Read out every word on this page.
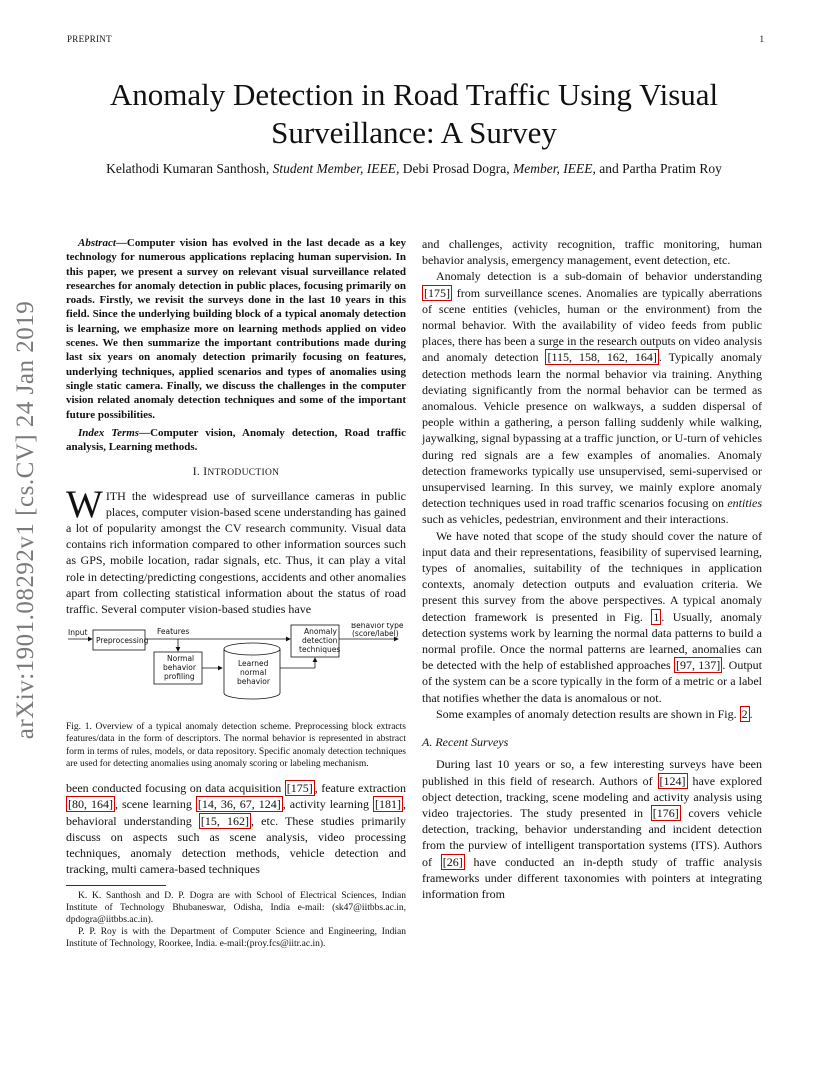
PREPRINT	1
arXiv:1901.08292v1 [cs.CV] 24 Jan 2019
Anomaly Detection in Road Traffic Using Visual
Surveillance: A Survey
Kelathodi Kumaran Santhosh, Student Member, IEEE, Debi Prosad Dogra, Member, IEEE, and Partha Pratim Roy

Abstract—Computer vision has evolved in the last decade as a key technology for numerous applications replacing human supervision. In this paper, we present a survey on relevant visual surveillance related researches for anomaly detection in public places, focusing primarily on roads. Firstly, we revisit the surveys done in the last 10 years in this field. Since the underlying building block of a typical anomaly detection is learning, we emphasize more on learning methods applied on video scenes. We then summarize the important contributions made during last six years on anomaly detection primarily focusing on features, underlying techniques, applied scenarios and types of anomalies using single static camera. Finally, we discuss the challenges in the computer vision related anomaly detection techniques and some of the important future possibilities.

Index Terms—Computer vision, Anomaly detection, Road traffic analysis, Learning methods.

I. INTRODUCTION

WITH the widespread use of surveillance cameras in public places, computer vision-based scene understanding has gained a lot of popularity amongst the CV research community. Visual data contains rich information compared to other information sources such as GPS, mobile location, radar signals, etc. Thus, it can play a vital role in detecting/predicting congestions, accidents and other anomalies apart from collecting statistical information about the status of road traffic. Several computer vision-based studies have

Input
Preprocessing
Features	Anomaly
detection
techniques
Behavior type
(score/label)
Normal
behavior
profiling
Learned
normal
behavior

Fig. 1. Overview of a typical anomaly detection scheme. Preprocessing block extracts features/data in the form of descriptors. The normal behavior is represented in abstract form in terms of rules, models, or data repository. Specific anomaly detection techniques are used for detecting anomalies using anomaly scoring or labeling mechanism.

been conducted focusing on data acquisition [175] , feature extraction [80, 164] , scene learning [14, 36, 67, 124] , activity learning [181] , behavioral understanding [15, 162] , etc. These studies primarily discuss on aspects such as scene analysis, video processing techniques, anomaly detection methods, vehicle detection and tracking, multi camera-based techniques

K. K. Santhosh and D. P. Dogra are with School of Electrical Sciences, Indian Institute of Technology Bhubaneswar, Odisha, India e-mail: (sk47@iitbbs.ac.in, dpdogra@iitbbs.ac.in).

P. P. Roy is with the Department of Computer Science and Engineering, Indian Institute of Technology, Roorkee, India. e-mail:(proy.fcs@iitr.ac.in).

and challenges, activity recognition, traffic monitoring, human behavior analysis, emergency management, event detection, etc.

Anomaly detection is a sub-domain of behavior understanding [175] from surveillance scenes. Anomalies are typically aberrations of scene entities (vehicles, human or the environment) from the normal behavior. With the availability of video feeds from public places, there has been a surge in the research outputs on video analysis and anomaly detection [115, 158, 162, 164] . Typically anomaly detection methods learn the normal behavior via training. Anything deviating significantly from the normal behavior can be termed as anomalous. Vehicle presence on walkways, a sudden dispersal of people within a gathering, a person falling suddenly while walking, jaywalking, signal bypassing at a traffic junction, or U-turn of vehicles during red signals are a few examples of anomalies. Anomaly detection frameworks typically use unsupervised, semi-supervised or unsupervised learning. In this survey, we mainly explore anomaly detection techniques used in road traffic scenarios focusing on entities such as vehicles, pedestrian, environment and their interactions.

We have noted that scope of the study should cover the nature of input data and their representations, feasibility of supervised learning, types of anomalies, suitability of the techniques in application contexts, anomaly detection outputs and evaluation criteria. We present this survey from the above perspectives. A typical anomaly detection framework is presented in Fig. 1 . Usually, anomaly detection systems work by learning the normal data patterns to build a normal profile. Once the normal patterns are learned, anomalies can be detected with the help of established approaches [97, 137] . Output of the system can be a score typically in the form of a metric or a label that notifies whether the data is anomalous or not.

Some examples of anomaly detection results are shown in Fig. 2 .

A. Recent Surveys

During last 10 years or so, a few interesting surveys have been published in this field of research. Authors of [124] have explored object detection, tracking, scene modeling and activity analysis using video trajectories. The study presented in [176] covers vehicle detection, tracking, behavior understanding and incident detection from the purview of intelligent transportation systems (ITS). Authors of [26] have conducted an in-depth study of traffic analysis frameworks under different taxonomies with pointers at integrating information from
